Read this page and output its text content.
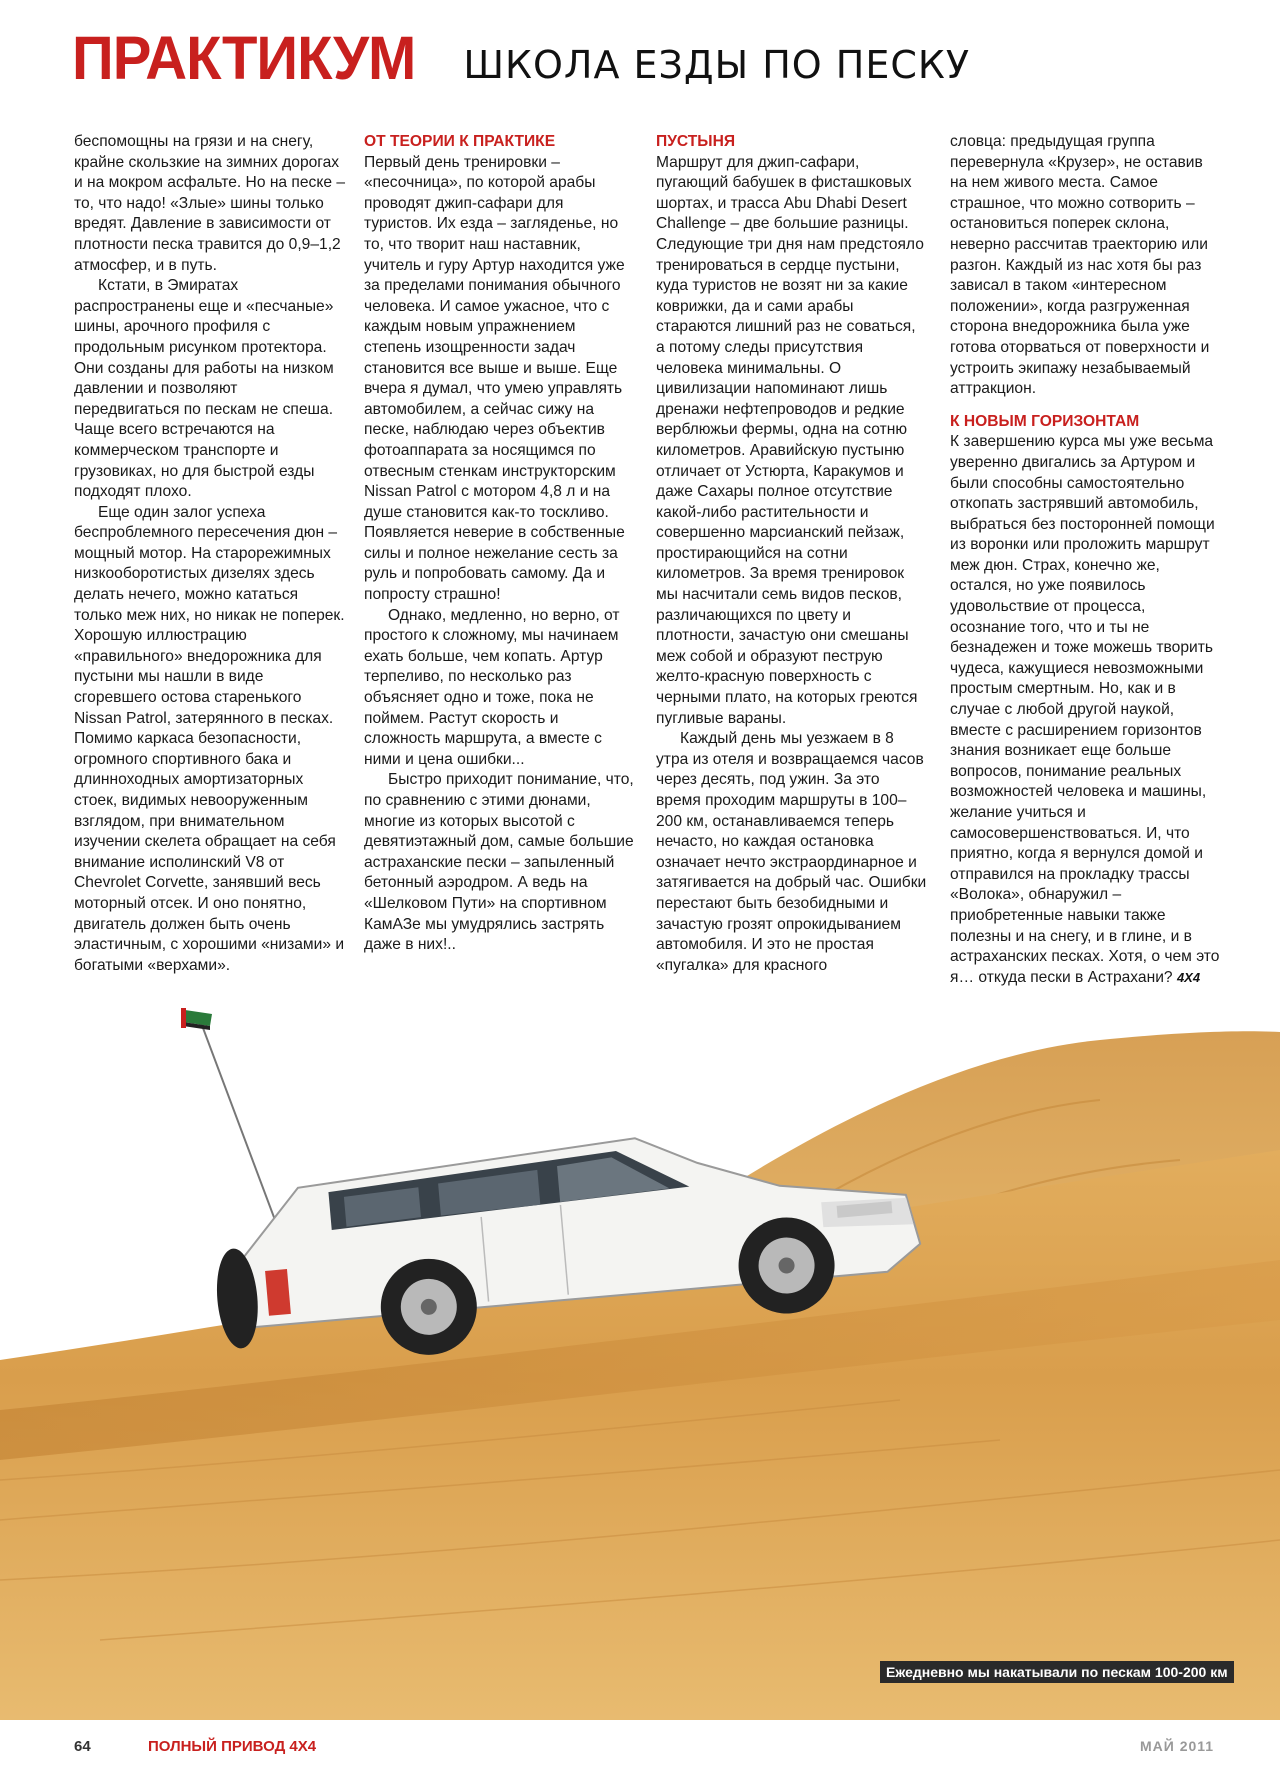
ПРАКТИКУМ ШКОЛА ЕЗДЫ ПО ПЕСКУ

беспомощны на грязи и на снегу, крайне скользкие на зимних дорогах и на мокром асфальте. Но на песке – то, что надо! «Злые» шины только вредят. Давление в зависимости от плотности песка травится до 0,9–1,2 атмосфер, и в путь.

Кстати, в Эмиратах распространены еще и «песчаные» шины, арочного профиля с продольным рисунком протектора. Они созданы для работы на низком давлении и позволяют передвигаться по пескам не спеша. Чаще всего встречаются на коммерческом транспорте и грузовиках, но для быстрой езды подходят плохо.

Еще один залог успеха беспроблемного пересечения дюн – мощный мотор. На старорежимных низкооборотистых дизелях здесь делать нечего, можно кататься только меж них, но никак не поперек. Хорошую иллюстрацию «правильного» внедорожника для пустыни мы нашли в виде сгоревшего остова старенького Nissan Patrol, затерянного в песках. Помимо каркаса безопасности, огромного спортивного бака и длинноходных амортизаторных стоек, видимых невооруженным взглядом, при внимательном изучении скелета обращает на себя внимание исполинский V8 от Chevrolet Corvette, занявший весь моторный отсек. И оно понятно, двигатель должен быть очень эластичным, с хорошими «низами» и богатыми «верхами».

ОТ ТЕОРИИ К ПРАКТИКЕ

Первый день тренировки – «песочница», по которой арабы проводят джип-сафари для туристов. Их езда – загляденье, но то, что творит наш наставник, учитель и гуру Артур находится уже за пределами понимания обычного человека. И самое ужасное, что с каждым новым упражнением степень изощренности задач становится все выше и выше. Еще вчера я думал, что умею управлять автомобилем, а сейчас сижу на песке, наблюдаю через объектив фотоаппарата за носящимся по отвесным стенкам инструкторским Nissan Patrol с мотором 4,8 л и на душе становится как-то тоскливо. Появляется неверие в собственные силы и полное нежелание сесть за руль и попробовать самому. Да и попросту страшно!

Однако, медленно, но верно, от простого к сложному, мы начинаем ехать больше, чем копать. Артур терпеливо, по несколько раз объясняет одно и тоже, пока не поймем. Растут скорость и сложность маршрута, а вместе с ними и цена ошибки...

Быстро приходит понимание, что, по сравнению с этими дюнами, многие из которых высотой с девятиэтажный дом, самые большие астраханские пески – запыленный бетонный аэродром. А ведь на «Шелковом Пути» на спортивном КамАЗе мы умудрялись застрять даже в них!..

ПУСТЫНЯ

Маршрут для джип-сафари, пугающий бабушек в фисташковых шортах, и трасса Abu Dhabi Desert Challenge – две большие разницы. Следующие три дня нам предстояло тренироваться в сердце пустыни, куда туристов не возят ни за какие коврижки, да и сами арабы стараются лишний раз не соваться, а потому следы присутствия человека минимальны. О цивилизации напоминают лишь дренажи нефтепроводов и редкие верблюжьи фермы, одна на сотню километров. Аравийскую пустыню отличает от Устюрта, Каракумов и даже Сахары полное отсутствие какой-либо растительности и совершенно марсианский пейзаж, простирающийся на сотни километров. За время тренировок мы насчитали семь видов песков, различающихся по цвету и плотности, зачастую они смешаны меж собой и образуют пеструю желто-красную поверхность с черными плато, на которых греются пугливые вараны.

Каждый день мы уезжаем в 8 утра из отеля и возвращаемся часов через десять, под ужин. За это время проходим маршруты в 100–200 км, останавливаемся теперь нечасто, но каждая остановка означает нечто экстраординарное и затягивается на добрый час. Ошибки перестают быть безобидными и зачастую грозят опрокидыванием автомобиля. И это не простая «пугалка» для красного

словца: предыдущая группа перевернула «Крузер», не оставив на нем живого места. Самое страшное, что можно сотворить – остановиться поперек склона, неверно рассчитав траекторию или разгон. Каждый из нас хотя бы раз зависал в таком «интересном положении», когда разгруженная сторона внедорожника была уже готова оторваться от поверхности и устроить экипажу незабываемый аттракцион.

К НОВЫМ ГОРИЗОНТАМ

К завершению курса мы уже весьма уверенно двигались за Артуром и были способны самостоятельно откопать застрявший автомобиль, выбраться без посторонней помощи из воронки или проложить маршрут меж дюн. Страх, конечно же, остался, но уже появилось удовольствие от процесса, осознание того, что и ты не безнадежен и тоже можешь творить чудеса, кажущиеся невозможными простым смертным. Но, как и в случае с любой другой наукой, вместе с расширением горизонтов знания возникает еще больше вопросов, понимание реальных возможностей человека и машины, желание учиться и самосовершенствоваться. И, что приятно, когда я вернулся домой и отправился на прокладку трассы «Волока», обнаружил – приобретенные навыки также полезны и на снегу, и в глине, и в астраханских песках. Хотя, о чем это я… откуда пески в Астрахани? 4X4

Ежедневно мы накатывали по пескам 100-200 км
64	ПОЛНЫЙ ПРИВОД 4Х4	МАЙ 2011
